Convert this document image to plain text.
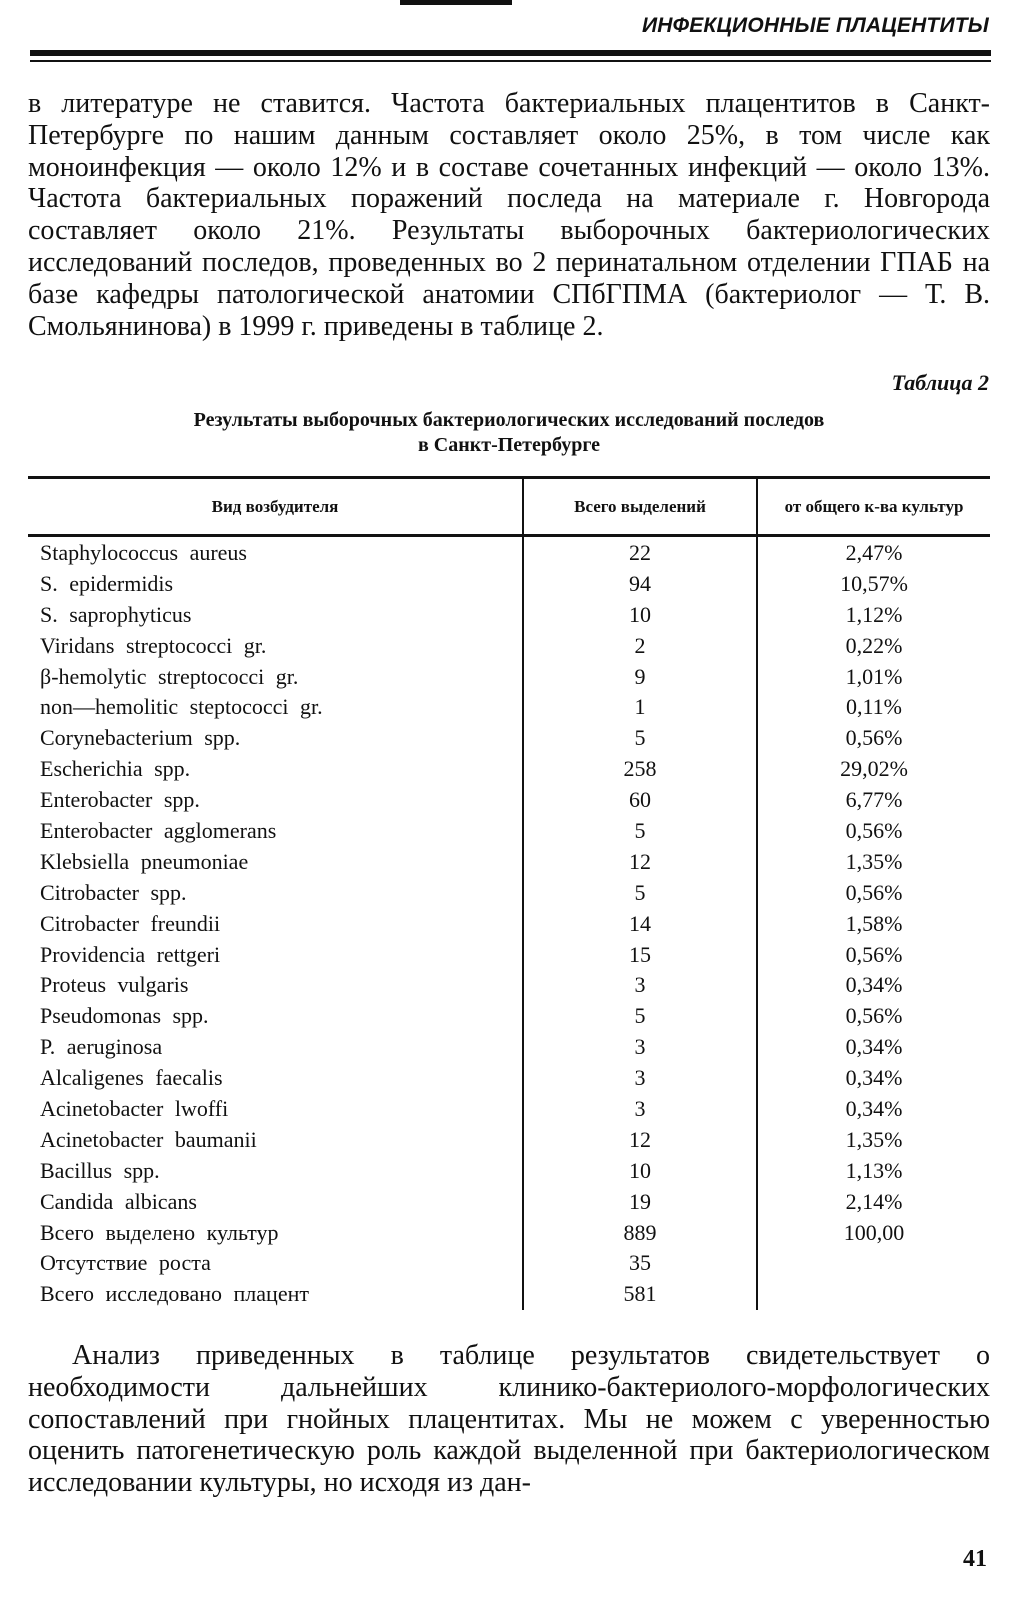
ИНФЕКЦИОННЫЕ ПЛАЦЕНТИТЫ

в литературе не ставится. Частота бактериальных плацентитов в Санкт-Петербурге по нашим данным составляет около 25%, в том числе как моноинфекция — около 12% и в составе сочетанных инфекций — около 13%. Частота бактериальных поражений последа на материале г. Новгорода составляет около 21%. Результаты выборочных бактериологических исследований последов, проведенных во 2 перинатальном отделении ГПАБ на базе кафедры патологической анатомии СПбГПМА (бактериолог — Т. В. Смольянинова) в 1999 г. приведены в таблице 2.

Таблица 2
Результаты выборочных бактериологических исследований последов
в Санкт-Петербурге
Вид возбудителя	Всего выделений	от общего к-ва культур
Staphylococcus aureus	22	2,47%
S. epidermidis	94	10,57%
S. saprophyticus	10	1,12%
Viridans streptococci gr.	2	0,22%
β-hemolytic streptococci gr.	9	1,01%
non—hemolitic steptococci gr.	1	0,11%
Corynebacterium spp.	5	0,56%
Escherichia spp.	258	29,02%
Enterobacter spp.	60	6,77%
Enterobacter agglomerans	5	0,56%
Klebsiella pneumoniae	12	1,35%
Citrobacter spp.	5	0,56%
Citrobacter freundii	14	1,58%
Providencia rettgeri	15	0,56%
Proteus vulgaris	3	0,34%
Pseudomonas spp.	5	0,56%
P. aeruginosa	3	0,34%
Alcaligenes faecalis	3	0,34%
Acinetobacter lwoffi	3	0,34%
Acinetobacter baumanii	12	1,35%
Bacillus spp.	10	1,13%
Candida albicans	19	2,14%
Всего выделено культур	889	100,00
Отсутствие роста	35
Всего исследовано плацент	581

Анализ приведенных в таблице результатов свидетельствует о необходимости дальнейших клинико-бактериолого-морфологических сопоставлений при гнойных плацентитах. Мы не можем с уверенностью оценить патогенетическую роль каждой выделенной при бактериологическом исследовании культуры, но исходя из дан-

41
